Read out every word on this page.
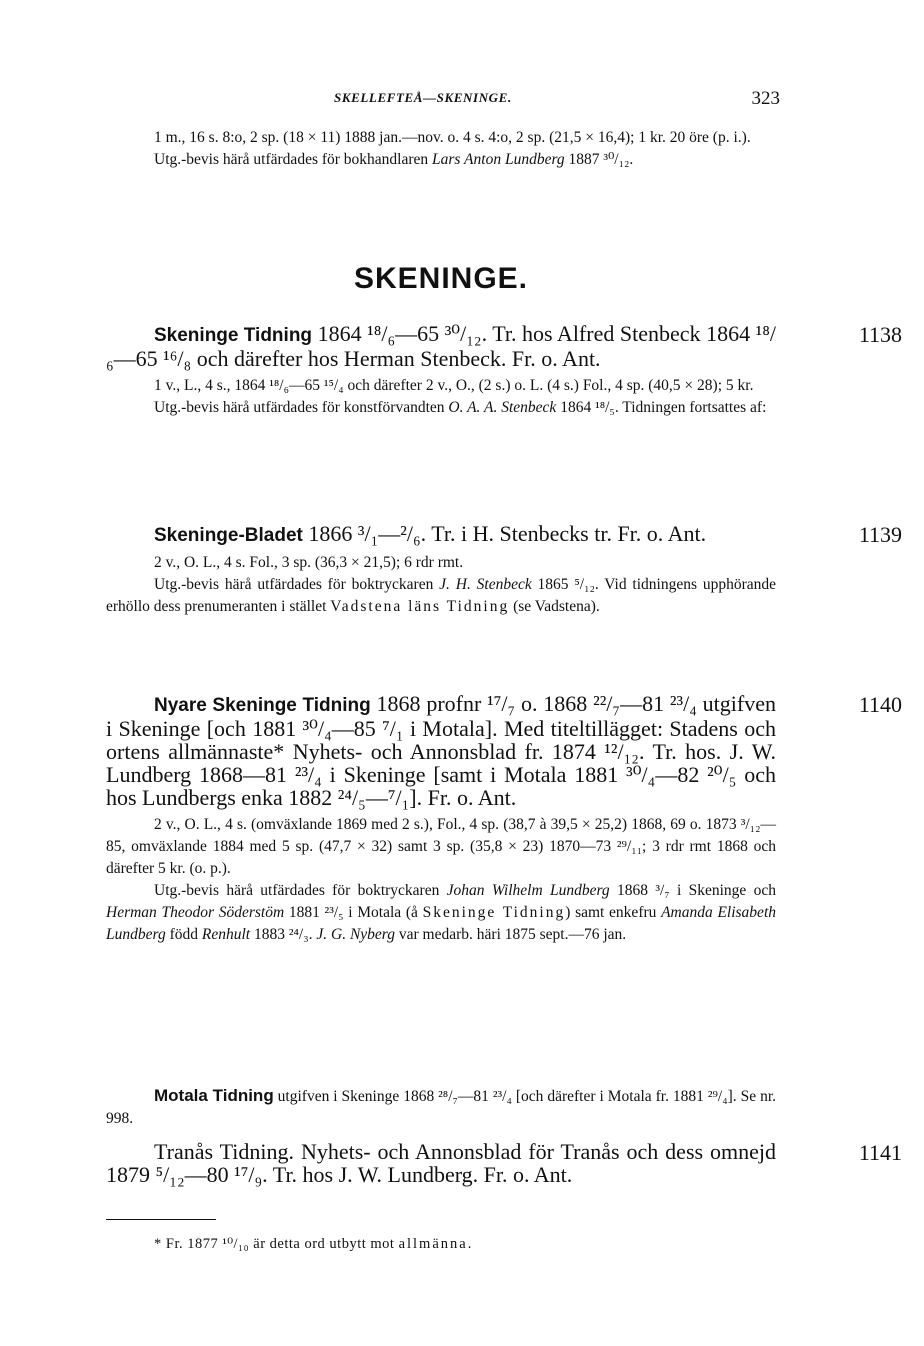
SKELLEFTEÅ—SKENINGE.	323

1 m., 16 s. 8:o, 2 sp. (18 × 11) 1888 jan.—nov. o. 4 s. 4:o, 2 sp. (21,5 × 16,4); 1 kr. 20 öre (p. i.).

Utg.-bevis härå utfärdades för bokhandlaren Lars Anton Lundberg 1887 ³⁰/₁₂.

SKENINGE.
1138

Skeninge Tidning 1864 ¹⁸/₆—65 ³⁰/₁₂. Tr. hos Alfred Stenbeck 1864 ¹⁸/₆—65 ¹⁶/₈ och därefter hos Herman Stenbeck. Fr. o. Ant.

1 v., L., 4 s., 1864 ¹⁸/₆—65 ¹⁵/₄ och därefter 2 v., O., (2 s.) o. L. (4 s.) Fol., 4 sp. (40,5 × 28); 5 kr.

Utg.-bevis härå utfärdades för konstförvandten O. A. A. Stenbeck 1864 ¹⁸/₅. Tidningen fortsattes af:

1139

Skeninge-Bladet 1866 ³/₁—²/₆. Tr. i H. Stenbecks tr. Fr. o. Ant.

2 v., O. L., 4 s. Fol., 3 sp. (36,3 × 21,5); 6 rdr rmt.

Utg.-bevis härå utfärdades för boktryckaren J. H. Stenbeck 1865 ⁵/₁₂. Vid tidningens upphörande erhöllo dess prenumeranten i stället Vadstena läns Tidning (se Vadstena).

1140

Nyare Skeninge Tidning 1868 profnr ¹⁷/₇ o. 1868 ²²/₇—81 ²³/₄ utgifven i Skeninge [och 1881 ³⁰/₄—85 ⁷/₁ i Motala]. Med titeltillägget: Stadens och ortens allmännaste* Nyhets- och Annonsblad fr. 1874 ¹²/₁₂. Tr. hos. J. W. Lundberg 1868—81 ²³/₄ i Skeninge [samt i Motala 1881 ³⁰/₄—82 ²⁰/₅ och hos Lundbergs enka 1882 ²⁴/₅—⁷/₁]. Fr. o. Ant.

2 v., O. L., 4 s. (omväxlande 1869 med 2 s.), Fol., 4 sp. (38,7 à 39,5 × 25,2) 1868, 69 o. 1873 ³/₁₂—85, omväxlande 1884 med 5 sp. (47,7 × 32) samt 3 sp. (35,8 × 23) 1870—73 ²⁹/₁₁; 3 rdr rmt 1868 och därefter 5 kr. (o. p.).

Utg.-bevis härå utfärdades för boktryckaren Johan Wilhelm Lundberg 1868 ³/₇ i Skeninge och Herman Theodor Söderstöm 1881 ²³/₅ i Motala (å Skeninge Tidning) samt enkefru Amanda Elisabeth Lundberg född Renhult 1883 ²⁴/₃. J. G. Nyberg var medarb. häri 1875 sept.—76 jan.

Motala Tidning utgifven i Skeninge 1868 ²⁸/₇—81 ²³/₄ [och därefter i Motala fr. 1881 ²⁹/₄]. Se nr. 998.

1141

Tranås Tidning. Nyhets- och Annonsblad för Tranås och dess omnejd 1879 ⁵/₁₂—80 ¹⁷/₉. Tr. hos J. W. Lundberg. Fr. o. Ant.

* Fr. 1877 ¹⁰/₁₀ är detta ord utbytt mot allmänna.
